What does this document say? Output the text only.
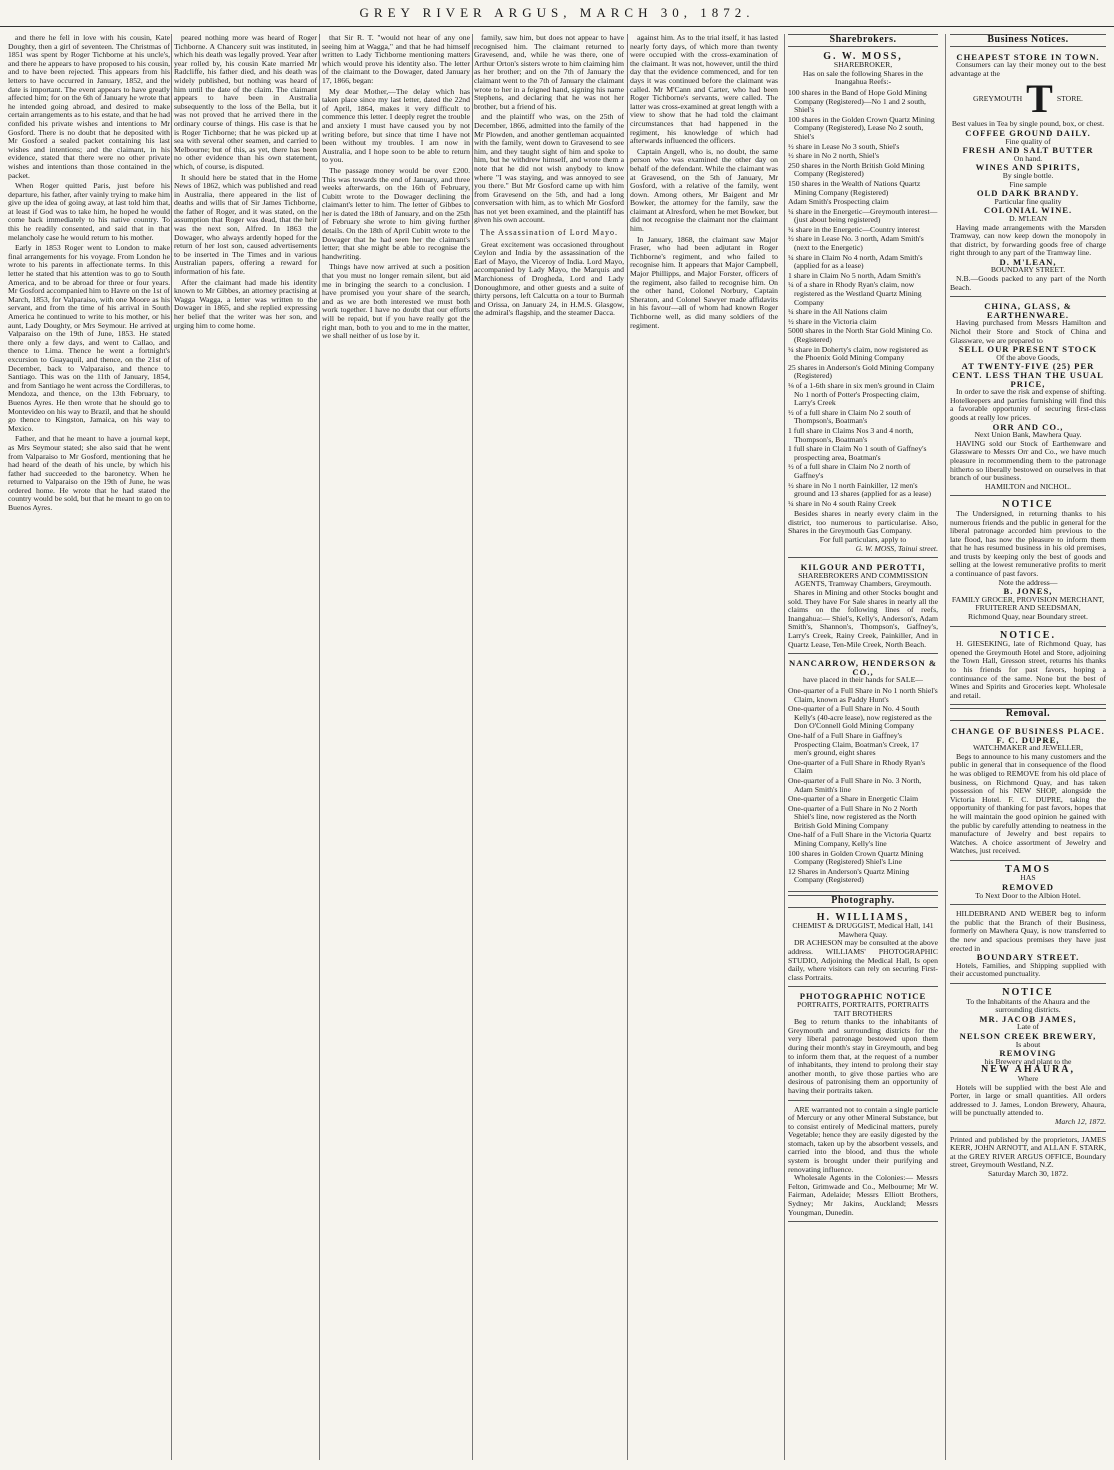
GREY RIVER ARGUS, MARCH 30, 1872.

and there he fell in love with his cousin, Kate Doughty, then a girl of seventeen. The Christmas of 1851 was spent by Roger Tichborne at his uncle's, and there he appears to have proposed to his cousin, and to have been rejected. This appears from his letters to have occurred in January, 1852, and the date is important. The event appears to have greatly affected him; for on the 6th of January he wrote that he intended going abroad, and desired to make certain arrangements as to his estate, and that he had confided his private wishes and intentions to Mr Gosford. There is no doubt that he deposited with Mr Gosford a sealed packet containing his last wishes and intentions; and the claimant, in his evidence, stated that there were no other private wishes and intentions than those contained in the packet.

When Roger quitted Paris, just before his departure, his father, after vainly trying to make him give up the idea of going away, at last told him that, at least if God was to take him, he hoped he would come back immediately to his native country. To this he readily consented, and said that in that melancholy case he would return to his mother.

Early in 1853 Roger went to London to make final arrangements for his voyage. From London he wrote to his parents in affectionate terms. In this letter he stated that his attention was to go to South America, and to be abroad for three or four years. Mr Gosford accompanied him to Havre on the 1st of March, 1853, for Valparaiso, with one Moore as his servant, and from the time of his arrival in South America he continued to write to his mother, or his aunt, Lady Doughty, or Mrs Seymour. He arrived at Valparaiso on the 19th of June, 1853. He stated there only a few days, and went to Callao, and thence to Lima. Thence he went a fortnight's excursion to Guayaquil, and thence, on the 21st of December, back to Valparaiso, and thence to Santiago. This was on the 11th of January, 1854, and from Santiago he went across the Cordilleras, to Mendoza, and thence, on the 13th February, to Buenos Ayres. He then wrote that he should go to Montevideo on his way to Brazil, and that he should go thence to Kingston, Jamaica, on his way to Mexico.

Father, and that he meant to have a journal kept, as Mrs Seymour stated; she also said that he went from Valparaiso to Mr Gosford, mentioning that he had heard of the death of his uncle, by which his father had succeeded to the baronetcy. When he returned to Valparaiso on the 19th of June, he was ordered home. He wrote that he had stated the country would be sold, but that he meant to go on to Buenos Ayres.

peared nothing more was heard of Roger Tichborne. A Chancery suit was instituted, in which his death was legally proved. Year after year rolled by, his cousin Kate married Mr Radcliffe, his father died, and his death was widely published, but nothing was heard of him until the date of the claim. The claimant appears to have been in Australia subsequently to the loss of the Bella, but it was not proved that he arrived there in the ordinary course of things. His case is that he is Roger Tichborne; that he was picked up at sea with several other seamen, and carried to Melbourne; but of this, as yet, there has been no other evidence than his own statement, which, of course, is disputed.

It should here be stated that in the Home News of 1862, which was published and read in Australia, there appeared in the list of deaths and wills that of Sir James Tichborne, the father of Roger, and it was stated, on the assumption that Roger was dead, that the heir was the next son, Alfred. In 1863 the Dowager, who always ardently hoped for the return of her lost son, caused advertisements to be inserted in The Times and in various Australian papers, offering a reward for information of his fate.

After the claimant had made his identity known to Mr Gibbes, an attorney practising at Wagga Wagga, a letter was written to the Dowager in 1865, and she replied expressing her belief that the writer was her son, and urging him to come home.

that Sir R. T. "would not hear of any one seeing him at Wagga," and that he had himself written to Lady Tichborne mentioning matters which would prove his identity also. The letter of the claimant to the Dowager, dated January 17, 1866, began:

My dear Mother,—The delay which has taken place since my last letter, dated the 22nd of April, 1864, makes it very difficult to commence this letter. I deeply regret the trouble and anxiety I must have caused you by not writing before, but since that time I have not been without my troubles. I am now in Australia, and I hope soon to be able to return to you.

The passage money would be over £200. This was towards the end of January, and three weeks afterwards, on the 16th of February, Cubitt wrote to the Dowager declining the claimant's letter to him. The letter of Gibbes to her is dated the 18th of January, and on the 25th of February she wrote to him giving further details. On the 18th of April Cubitt wrote to the Dowager that he had seen her the claimant's letter; that she might be able to recognise the handwriting.

Things have now arrived at such a position that you must no longer remain silent, but aid me in bringing the search to a conclusion. I have promised you your share of the search, and as we are both interested we must both work together. I have no doubt that our efforts will be repaid, but if you have really got the right man, both to you and to me in the matter, we shall neither of us lose by it.

family, saw him, but does not appear to have recognised him. The claimant returned to Gravesend, and, while he was there, one of Arthur Orton's sisters wrote to him claiming him as her brother; and on the 7th of January the claimant went to the 7th of January the claimant wrote to her in a feigned hand, signing his name Stephens, and declaring that he was not her brother, but a friend of his.

and the plaintiff who was, on the 25th of December, 1866, admitted into the family of the Mr Plowden, and another gentleman acquainted with the family, went down to Gravesend to see him, and they taught sight of him and spoke to him, but he withdrew himself, and wrote them a note that he did not wish anybody to know where "I was staying, and was annoyed to see you there." But Mr Gosford came up with him from Gravesend on the 5th, and had a long conversation with him, as to which Mr Gosford has not yet been examined, and the plaintiff has given his own account.

The Assassination of Lord Mayo.

Great excitement was occasioned throughout Ceylon and India by the assassination of the Earl of Mayo, the Viceroy of India. Lord Mayo, accompanied by Lady Mayo, the Marquis and Marchioness of Drogheda, Lord and Lady Donoughmore, and other guests and a suite of thirty persons, left Calcutta on a tour to Burmah and Orissa, on January 24, in H.M.S. Glasgow, the admiral's flagship, and the steamer Dacca.

against him. As to the trial itself, it has lasted nearly forty days, of which more than twenty were occupied with the cross-examination of the claimant. It was not, however, until the third day that the evidence commenced, and for ten days it was continued before the claimant was called. Mr M'Cann and Carter, who had been Roger Tichborne's servants, were called. The latter was cross-examined at great length with a view to show that he had told the claimant circumstances that had happened in the regiment, his knowledge of which had afterwards influenced the officers.

Captain Angell, who is, no doubt, the same person who was examined the other day on behalf of the defendant. While the claimant was at Gravesend, on the 5th of January, Mr Gosford, with a relative of the family, went down. Among others, Mr Baigent and Mr Bowker, the attorney for the family, saw the claimant at Alresford, when he met Bowker, but did not recognise the claimant nor the claimant him.

In January, 1868, the claimant saw Major Fraser, who had been adjutant in Roger Tichborne's regiment, and who failed to recognise him. It appears that Major Campbell, Major Phillipps, and Major Forster, officers of the regiment, also failed to recognise him. On the other hand, Colonel Norbury, Captain Sheraton, and Colonel Sawyer made affidavits in his favour—all of whom had known Roger Tichborne well, as did many soldiers of the regiment.

Sharebrokers.
G. W. MOSS,
SHAREBROKER,
Has on sale the following Shares in the Inangahua Reefs:-
100 shares in the Band of Hope Gold Mining Company (Registered)—No 1 and 2 south, Shiel's
100 shares in the Golden Crown Quartz Mining Company (Registered), Lease No 2 south, Shiel's
½ share in Lease No 3 south, Shiel's
½ share in No 2 north, Shiel's
250 shares in the North British Gold Mining Company (Registered)
150 shares in the Wealth of Nations Quartz Mining Company (Registered)
Adam Smith's Prospecting claim
¼ share in the Energetic—Greymouth interest—(just about being registered)
¼ share in the Energetic—Country interest
½ share in Lease No. 3 north, Adam Smith's (next to the Energetic)
¼ share in Claim No 4 north, Adam Smith's (applied for as a lease)
1 share in Claim No 5 north, Adam Smith's
¼ of a share in Rhody Ryan's claim, now registered as the Westland Quartz Mining Company
¼ share in the All Nations claim
½ share in the Victoria claim
5000 shares in the North Star Gold Mining Co. (Registered)
¼ share in Doherty's claim, now registered as the Phoenix Gold Mining Company
25 shares in Anderson's Gold Mining Company (Registered)
⅛ of a 1-6th share in six men's ground in Claim No 1 north of Potter's Prospecting claim, Larry's Creek
½ of a full share in Claim No 2 south of Thompson's, Boatman's
1 full share in Claims Nos 3 and 4 north, Thompson's, Boatman's
1 full share in Claim No 1 south of Gaffney's prospecting area, Boatman's
½ of a full share in Claim No 2 north of Gaffney's
½ share in No 1 north Fainkiller, 12 men's ground and 13 shares (applied for as a lease)
¼ share in No 4 south Rainy Creek
Besides shares in nearly every claim in the district, too numerous to particularise. Also, Shares in the Greymouth Gas Company.
For full particulars, apply to
G. W. MOSS, Tainui street.
KILGOUR AND PEROTTI,
SHAREBROKERS AND COMMISSION AGENTS, Tramway Chambers, Greymouth.
Shares in Mining and other Stocks bought and sold. They have For Sale shares in nearly all the claims on the following lines of reefs, Inangahua:— Shiel's, Kelly's, Anderson's, Adam Smith's, Shannon's, Thompson's, Gaffney's, Larry's Creek, Rainy Creek, Painkiller, And in Quartz Lease, Ten-Mile Creek, North Beach.
NANCARROW, HENDERSON & CO.,
have placed in their hands for SALE—
One-quarter of a Full Share in No 1 north Shiel's Claim, known as Paddy Hunt's
One-quarter of a Full Share in No. 4 South Kelly's (40-acre lease), now registered as the Don O'Connell Gold Mining Company
One-half of a Full Share in Gaffney's Prospecting Claim, Boatman's Creek, 17 men's ground, eight shares
One-quarter of a Full Share in Rhody Ryan's Claim
One-quarter of a Full Share in No. 3 North, Adam Smith's line
One-quarter of a Share in Energetic Claim
One-quarter of a Full Share in No 2 North Shiel's line, now registered as the North British Gold Mining Company
One-half of a Full Share in the Victoria Quartz Mining Company, Kelly's line
100 shares in Golden Crown Quartz Mining Company (Registered) Shiel's Line
12 Shares in Anderson's Quartz Mining Company (Registered)
Photography.
H. WILLIAMS,
CHEMIST & DRUGGIST, Medical Hall, 141 Mawhera Quay.
DR ACHESON may be consulted at the above address. WILLIAMS' PHOTOGRAPHIC STUDIO, Adjoining the Medical Hall, Is open daily, where visitors can rely on securing First-class Portraits.
PHOTOGRAPHIC NOTICE
PORTRAITS, PORTRAITS, PORTRAITS
TAIT BROTHERS
Beg to return thanks to the inhabitants of Greymouth and surrounding districts for the very liberal patronage bestowed upon them during their month's stay in Greymouth, and beg to inform them that, at the request of a number of inhabitants, they intend to prolong their stay another month, to give those parties who are desirous of patronising them an opportunity of having their portraits taken.
ARE warranted not to contain a single particle of Mercury or any other Mineral Substance, but to consist entirely of Medicinal matters, purely Vegetable; hence they are easily digested by the stomach, taken up by the absorbent vessels, and carried into the blood, and thus the whole system is brought under their purifying and renovating influence.
Wholesale Agents in the Colonies:— Messrs Felton, Grimwade and Co., Melbourne; Mr W. Fairman, Adelaide; Messrs Elliott Brothers, Sydney; Mr Jakins, Auckland; Messrs Youngman, Dunedin.
Business Notices.
CHEAPEST STORE IN TOWN.
Consumers can lay their money out to the best advantage at the
GREYMOUTH T STORE.
Best values in Tea by single pound, box, or chest.
COFFEE GROUND DAILY.
Fine quality of
FRESH AND SALT BUTTER
On hand.
WINES AND SPIRITS,
By single bottle.
Fine sample
OLD DARK BRANDY.
Particular fine quality
COLONIAL WINE.
D. M'LEAN
Having made arrangements with the Marsden Tramway, can now keep down the monopoly in that district, by forwarding goods free of charge right through to any part of the Tramway line.
D. M'LEAN,
BOUNDARY STREET.
N.B.—Goods packed to any part of the North Beach.
CHINA, GLASS, & EARTHENWARE.
Having purchased from Messrs Hamilton and Nichol their Store and Stock of China and Glassware, we are prepared to
SELL OUR PRESENT STOCK
Of the above Goods,
AT TWENTY-FIVE (25) PER CENT. LESS THAN THE USUAL PRICE,
In order to save the risk and expense of shifting. Hotelkeepers and parties furnishing will find this a favorable opportunity of securing first-class goods at really low prices.
ORR AND CO.,
Next Union Bank, Mawhera Quay.
HAVING sold our Stock of Earthenware and Glassware to Messrs Orr and Co., we have much pleasure in recommending them to the patronage hitherto so liberally bestowed on ourselves in that branch of our business.
HAMILTON and NICHOL.
NOTICE
The Undersigned, in returning thanks to his numerous friends and the public in general for the liberal patronage accorded him previous to the late flood, has now the pleasure to inform them that he has resumed business in his old premises, and trusts by keeping only the best of goods and selling at the lowest remunerative profits to merit a continuance of past favors.
Note the address—
B. JONES,
FAMILY GROCER, PROVISION MERCHANT, FRUITERER AND SEEDSMAN,
Richmond Quay, near Boundary street.
NOTICE.
H. GIESEKING, late of Richmond Quay, has opened the Greymouth Hotel and Store, adjoining the Town Hall, Gresson street, returns his thanks to his friends for past favors, hoping a continuance of the same. None but the best of Wines and Spirits and Groceries kept. Wholesale and retail.
Removal.
CHANGE OF BUSINESS PLACE.
F. C. DUPRE,
WATCHMAKER and JEWELLER,
Begs to announce to his many customers and the public in general that in consequence of the flood he was obliged to REMOVE from his old place of business, on Richmond Quay, and has taken possession of his NEW SHOP, alongside the Victoria Hotel. F. C. DUPRE, taking the opportunity of thanking for past favors, hopes that he will maintain the good opinion he gained with the public by carefully attending to neatness in the manufacture of Jewelry and best repairs to Watches. A choice assortment of Jewelry and Watches, just received.
TAMOS
HAS
REMOVED
To Next Door to the Albion Hotel.
HILDEBRAND AND WEBER beg to inform the public that the Branch of their Business, formerly on Mawhera Quay, is now transferred to the new and spacious premises they have just erected in
BOUNDARY STREET.
Hotels, Families, and Shipping supplied with their accustomed punctuality.
NOTICE
To the Inhabitants of the Ahaura and the surrounding districts.
MR. JACOB JAMES,
Late of
NELSON CREEK BREWERY,
Is about
REMOVING
his Brewery and plant to the
NEW AHAURA,
Where
Hotels will be supplied with the best Ale and Porter, in large or small quantities. All orders addressed to J. James, London Brewery, Ahaura, will be punctually attended to.
March 12, 1872.
Printed and published by the proprietors, JAMES KERR, JOHN ARNOTT, and ALLAN F. STARK, at the GREY RIVER ARGUS OFFICE, Boundary street, Greymouth Westland, N.Z.
Saturday March 30, 1872.
